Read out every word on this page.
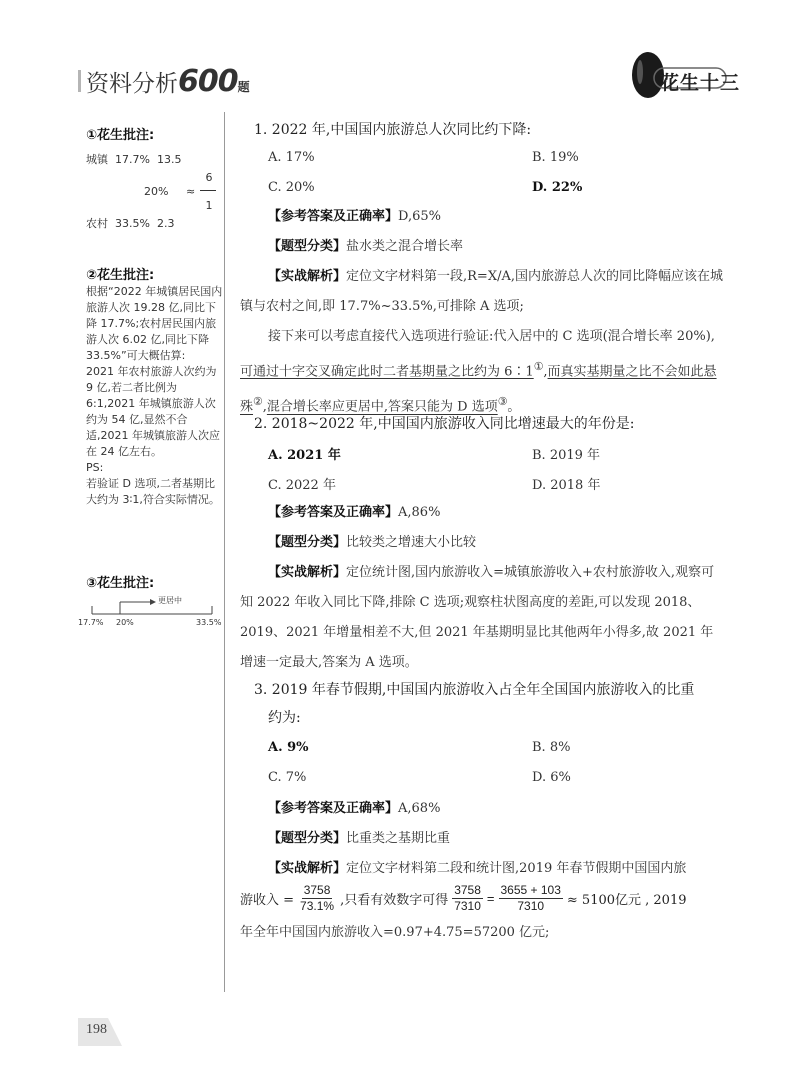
资料分析600题	花生十三
①花生批注:
城镇 17.7% 13.5
20% ≈
6
1
农村 33.5% 2.3
②花生批注:
根据“2022 年城镇居民国内旅游人次 19.28 亿,同比下降 17.7%;农村居民国内旅游人次 6.02 亿,同比下降 33.5%”可大概估算:
2021 年农村旅游人次约为 9 亿,若二者比例为 6:1,2021 年城镇旅游人次约为 54 亿,显然不合适,2021 年城镇旅游人次应在 24 亿左右。
PS:
若验证 D 选项,二者基期比大约为 3∶1,符合实际情况。
③花生批注:
更居中
17.7% 20%	33.5%
1. 2022 年,中国国内旅游总人次同比约下降:
A. 17%	B. 19%
C. 20%	D. 22%
【参考答案及正确率】D,65%
【题型分类】盐水类之混合增长率
【实战解析】定位文字材料第一段,R=X/A,国内旅游总人次的同比降幅应该在城镇与农村之间,即 17.7%~33.5%,可排除 A 选项;
接下来可以考虑直接代入选项进行验证:代入居中的 C 选项(混合增长率 20%),可通过十字交叉确定此时二者基期量之比约为 6∶1①,而真实基期量之比不会如此悬殊②,混合增长率应更居中,答案只能为 D 选项③。
2. 2018~2022 年,中国国内旅游收入同比增速最大的年份是:
A. 2021 年	B. 2019 年
C. 2022 年	D. 2018 年
【参考答案及正确率】A,86%
【题型分类】比较类之增速大小比较
【实战解析】定位统计图,国内旅游收入=城镇旅游收入+农村旅游收入,观察可知 2022 年收入同比下降,排除 C 选项;观察柱状图高度的差距,可以发现 2018、2019、2021 年增量相差不大,但 2021 年基期明显比其他两年小得多,故 2021 年增速一定最大,答案为 A 选项。
3. 2019 年春节假期,中国国内旅游收入占全年全国国内旅游收入的比重
约为:
A. 9%	B. 8%
C. 7%	D. 6%
【参考答案及正确率】A,68%
【题型分类】比重类之基期比重
【实战解析】定位文字材料第二段和统计图,2019 年春节假期中国国内旅
游收入 = $\frac{3758}{73.1\%}$ ,只看有效数字可得 $\frac{3758}{7310} = \frac{3655 + 103}{7310} \approx 5100$亿元 , 2019
年全年中国国内旅游收入=0.97+4.75=57200 亿元;
198
